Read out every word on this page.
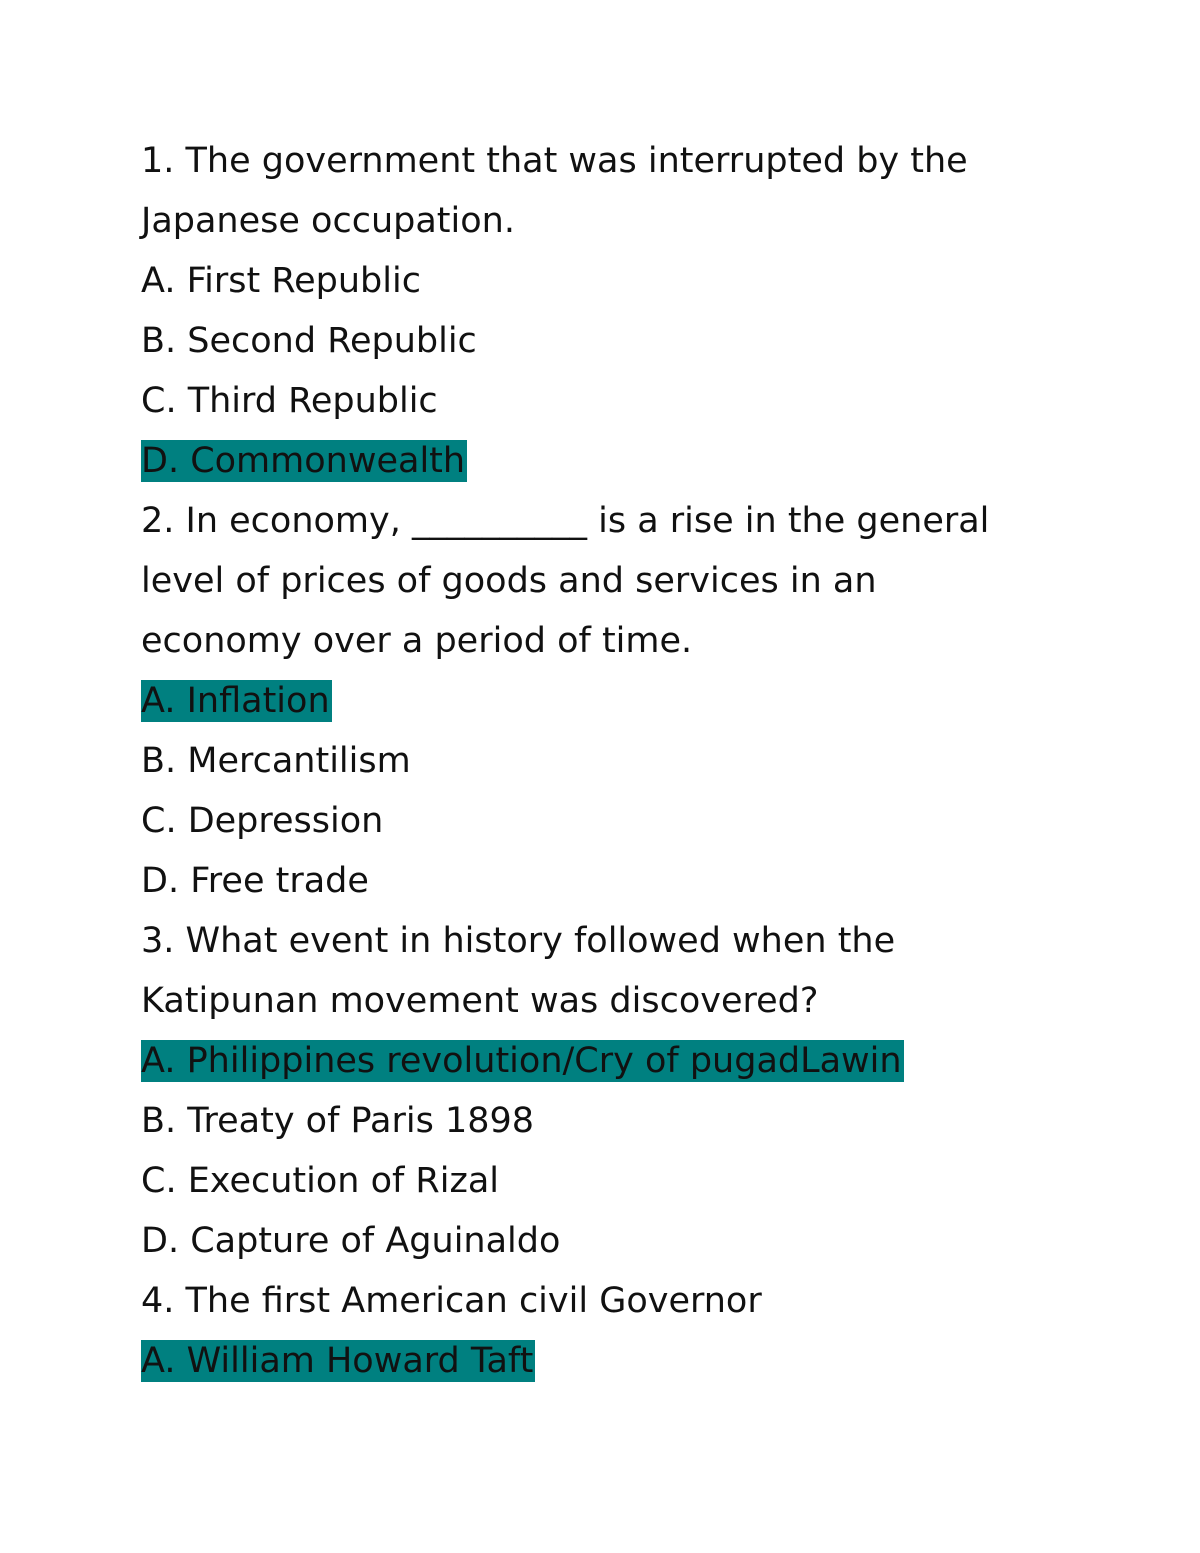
1. The government that was interrupted by the
Japanese occupation.
A. First Republic
B. Second Republic
C. Third Republic
D. Commonwealth
2. In economy, __________ is a rise in the general
level of prices of goods and services in an
economy over a period of time.
A. Inflation
B. Mercantilism
C. Depression
D. Free trade
3. What event in history followed when the
Katipunan movement was discovered?
A. Philippines revolution/Cry of pugadLawin
B. Treaty of Paris 1898
C. Execution of Rizal
D. Capture of Aguinaldo
4. The first American civil Governor
A. William Howard Taft
